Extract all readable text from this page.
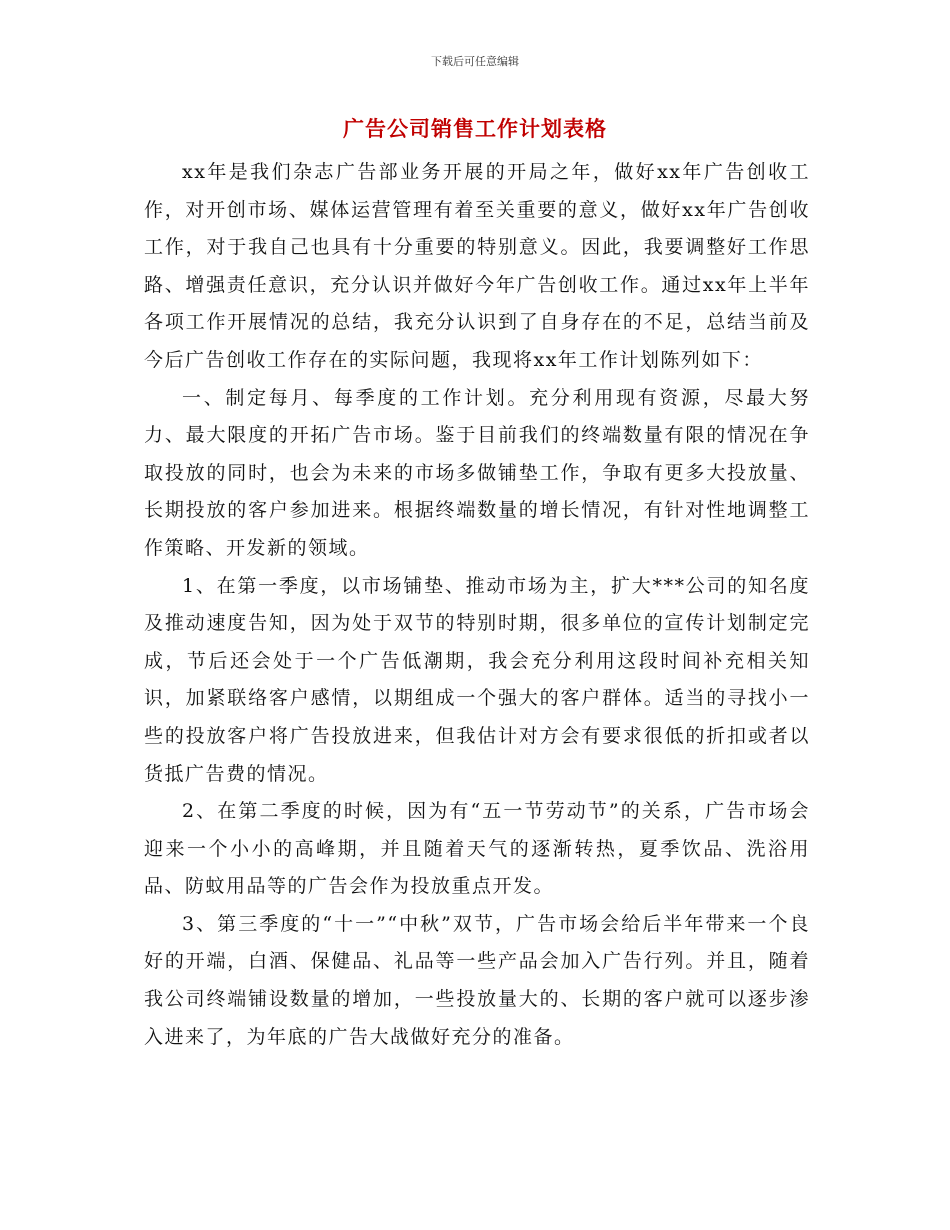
下载后可任意编辑
广告公司销售工作计划表格

xx年是我们杂志广告部业务开展的开局之年，做好xx年广告创收工作，对开创市场、媒体运营管理有着至关重要的意义，做好xx年广告创收工作，对于我自己也具有十分重要的特别意义。因此，我要调整好工作思路、增强责任意识，充分认识并做好今年广告创收工作。通过xx年上半年各项工作开展情况的总结，我充分认识到了自身存在的不足，总结当前及今后广告创收工作存在的实际问题，我现将xx年工作计划陈列如下：

一、制定每月、每季度的工作计划。充分利用现有资源，尽最大努力、最大限度的开拓广告市场。鉴于目前我们的终端数量有限的情况在争取投放的同时，也会为未来的市场多做铺垫工作，争取有更多大投放量、长期投放的客户参加进来。根据终端数量的增长情况，有针对性地调整工作策略、开发新的领域。

1、在第一季度，以市场铺垫、推动市场为主，扩大***公司的知名度及推动速度告知，因为处于双节的特别时期，很多单位的宣传计划制定完成，节后还会处于一个广告低潮期，我会充分利用这段时间补充相关知识，加紧联络客户感情，以期组成一个强大的客户群体。适当的寻找小一些的投放客户将广告投放进来，但我估计对方会有要求很低的折扣或者以货抵广告费的情况。

2、在第二季度的时候，因为有“五一节劳动节”的关系，广告市场会迎来一个小小的高峰期，并且随着天气的逐渐转热，夏季饮品、洗浴用品、防蚊用品等的广告会作为投放重点开发。

3、第三季度的“十一”“中秋”双节，广告市场会给后半年带来一个良好的开端，白酒、保健品、礼品等一些产品会加入广告行列。并且，随着我公司终端铺设数量的增加，一些投放量大的、长期的客户就可以逐步渗入进来了，为年底的广告大战做好充分的准备。
